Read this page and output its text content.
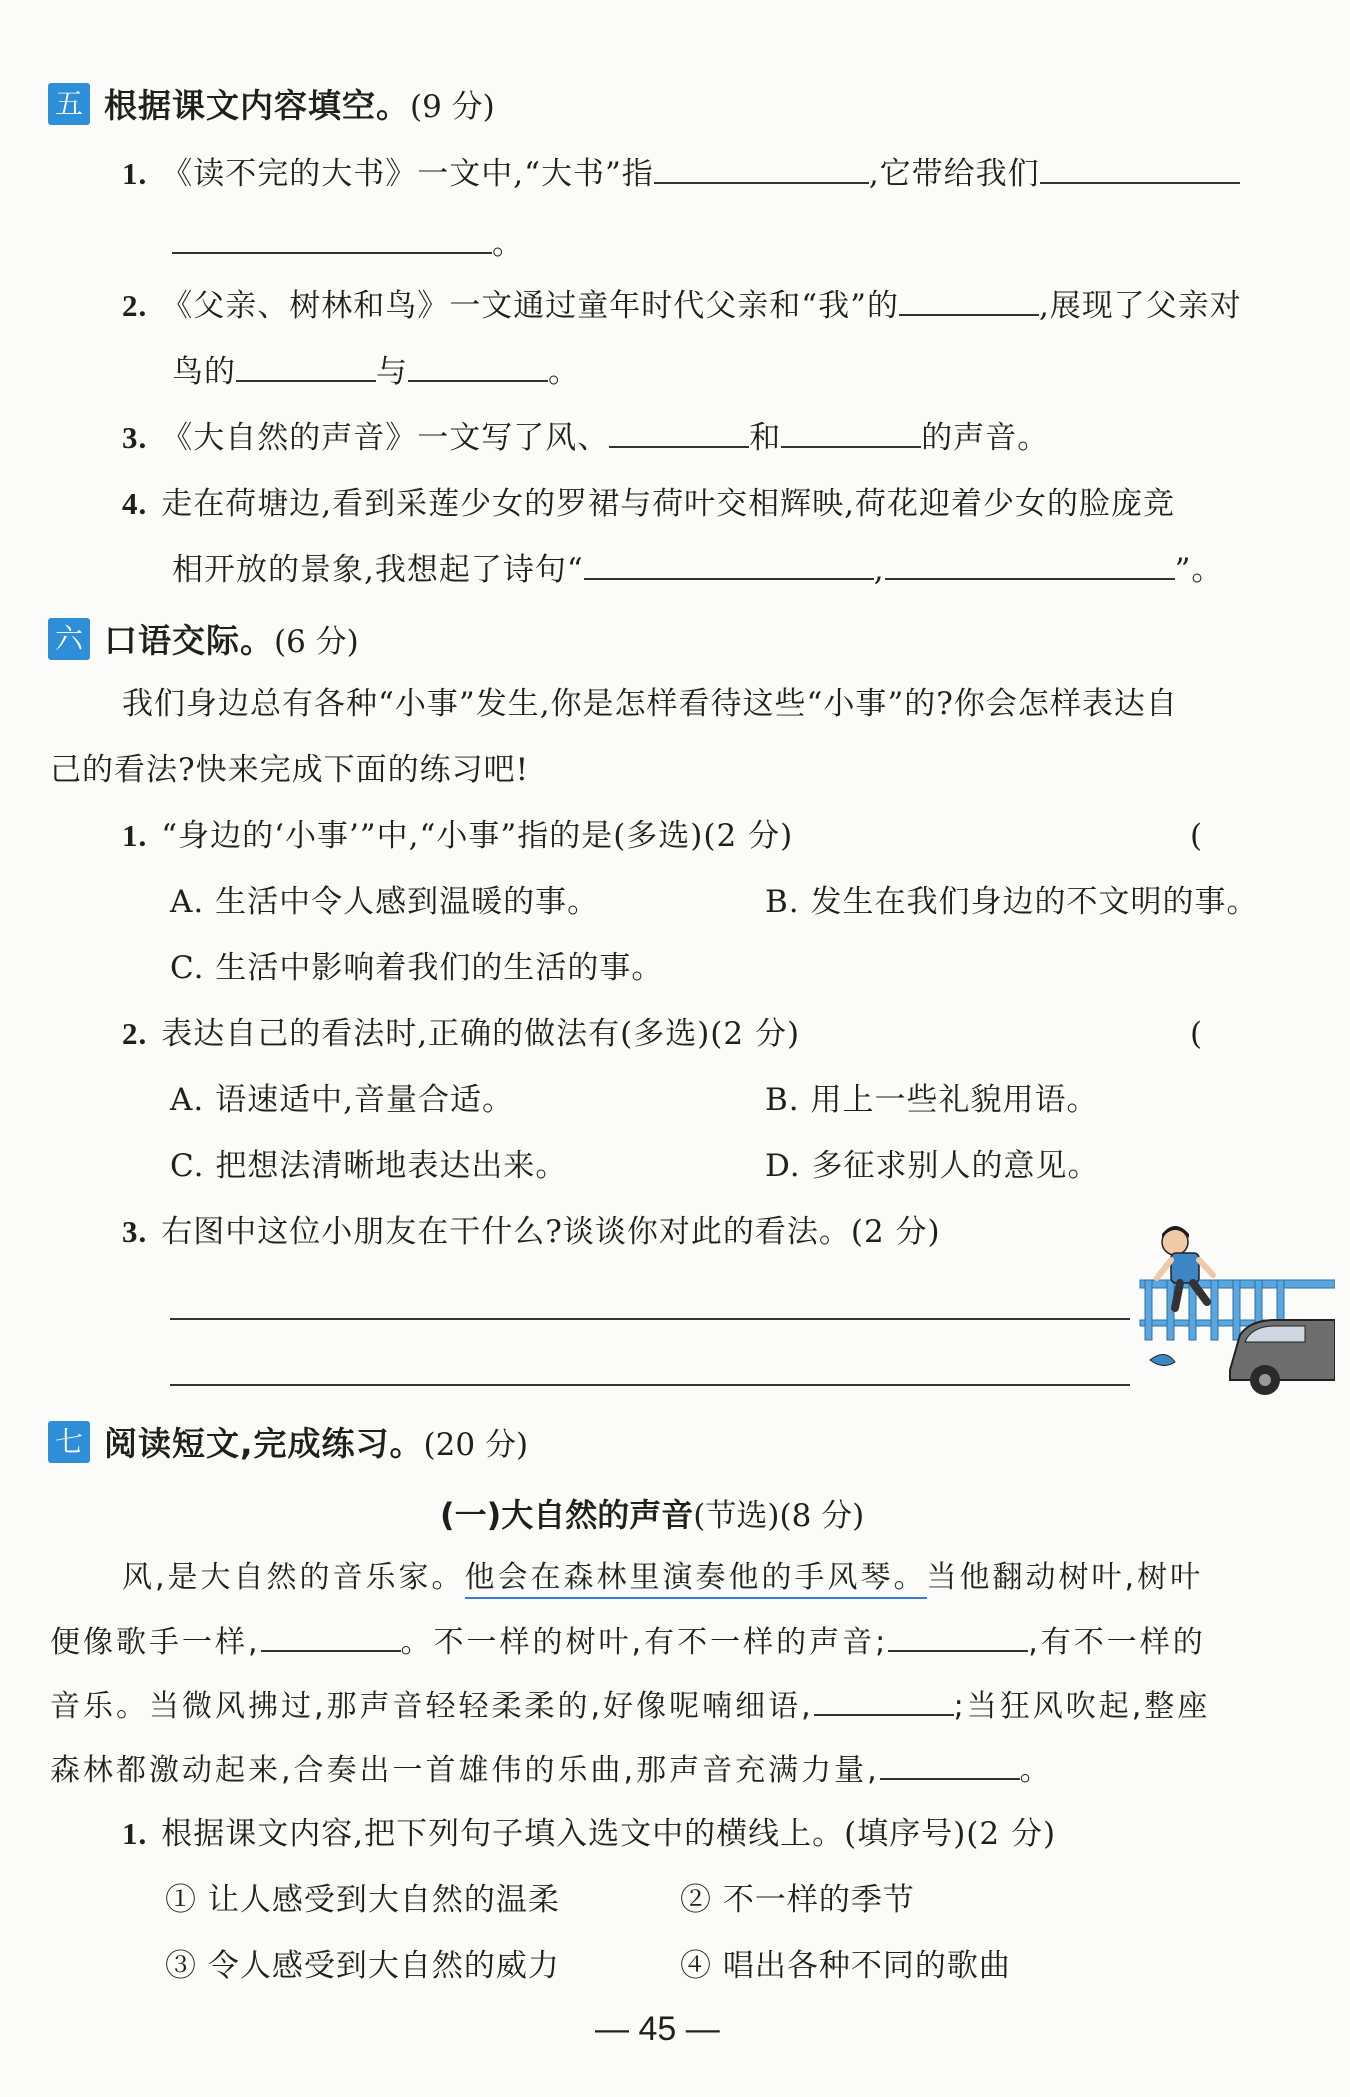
五 根据课文内容填空。 (9 分)
1. 《读不完的大书》一文中,“大书”指	,它带给我们
。
2. 《父亲、树林和鸟》一文通过童年时代父亲和“我”的	,展现了父亲对
鸟的	与	。
3. 《大自然的声音》一文写了风、	和	的声音。
4. 走在荷塘边,看到采莲少女的罗裙与荷叶交相辉映,荷花迎着少女的脸庞竞
相开放的景象,我想起了诗句“	,	”。
六 口语交际。 (6 分)
我们身边总有各种“小事”发生,你是怎样看待这些“小事”的?你会怎样表达自
己的看法?快来完成下面的练习吧!
1. “身边的‘小事’”中,“小事”指的是(多选)(2 分)	(
A. 生活中令人感到温暖的事。	B. 发生在我们身边的不文明的事。
C. 生活中影响着我们的生活的事。
2. 表达自己的看法时,正确的做法有(多选)(2 分)	(
A. 语速适中,音量合适。	B. 用上一些礼貌用语。
C. 把想法清晰地表达出来。	D. 多征求别人的意见。
3. 右图中这位小朋友在干什么?谈谈你对此的看法。(2 分)
七 阅读短文,完成练习。 (20 分)
(一)大自然的声音(节选)(8 分)
风,是大自然的音乐家。他会在森林里演奏他的手风琴。当他翻动树叶,树叶
便像歌手一样,	。不一样的树叶,有不一样的声音;	,有不一样的
音乐。当微风拂过,那声音轻轻柔柔的,好像呢喃细语,	;当狂风吹起,整座
森林都激动起来,合奏出一首雄伟的乐曲,那声音充满力量,	。
1. 根据课文内容,把下列句子填入选文中的横线上。(填序号)(2 分)
① 让人感受到大自然的温柔	② 不一样的季节
③ 令人感受到大自然的威力	④ 唱出各种不同的歌曲
— 45 —
